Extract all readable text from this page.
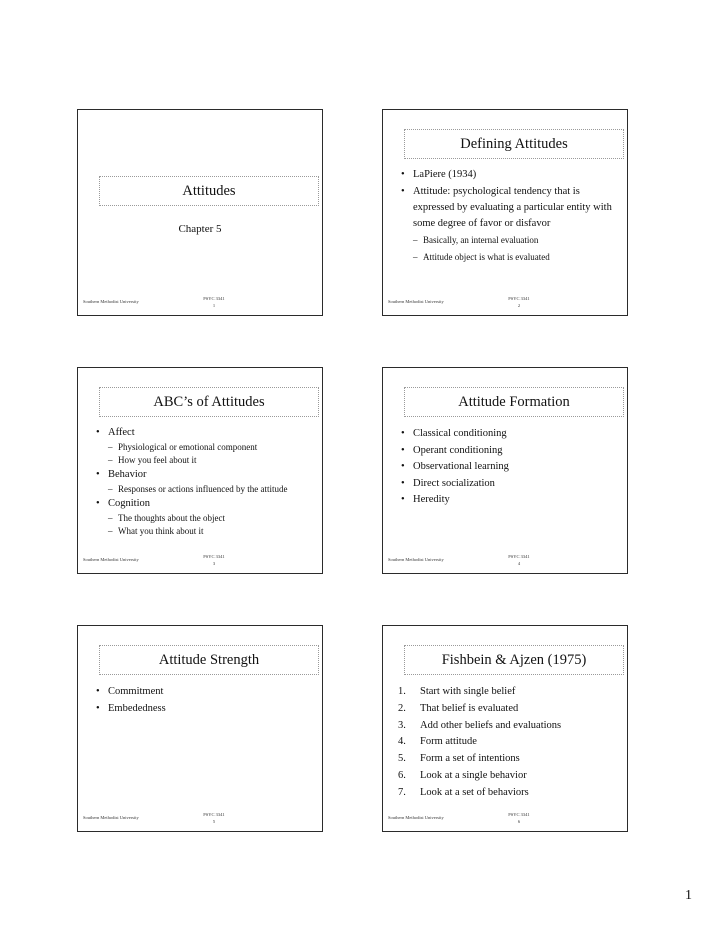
Attitudes
Chapter 5
Southern Methodist University
PSYC 3341
1
Defining Attitudes
• LaPiere (1934)
• Attitude: psychological tendency that is expressed by evaluating a particular entity with some degree of favor or disfavor
– Basically, an internal evaluation
– Attitude object is what is evaluated
Southern Methodist University
PSYC 3341
2
ABC’s of Attitudes
• Affect
– Physiological or emotional component
– How you feel about it
• Behavior
– Responses or actions influenced by the attitude
• Cognition
– The thoughts about the object
– What you think about it
Southern Methodist University
PSYC 3341
3
Attitude Formation
• Classical conditioning
• Operant conditioning
• Observational learning
• Direct socialization
• Heredity
Southern Methodist University
PSYC 3341
4
Attitude Strength
• Commitment
• Embededness
Southern Methodist University
PSYC 3341
5
Fishbein & Ajzen (1975)
1. Start with single belief
2. That belief is evaluated
3. Add other beliefs and evaluations
4. Form attitude
5. Form a set of intentions
6. Look at a single behavior
7. Look at a set of behaviors
Southern Methodist University
PSYC 3341
6
1
